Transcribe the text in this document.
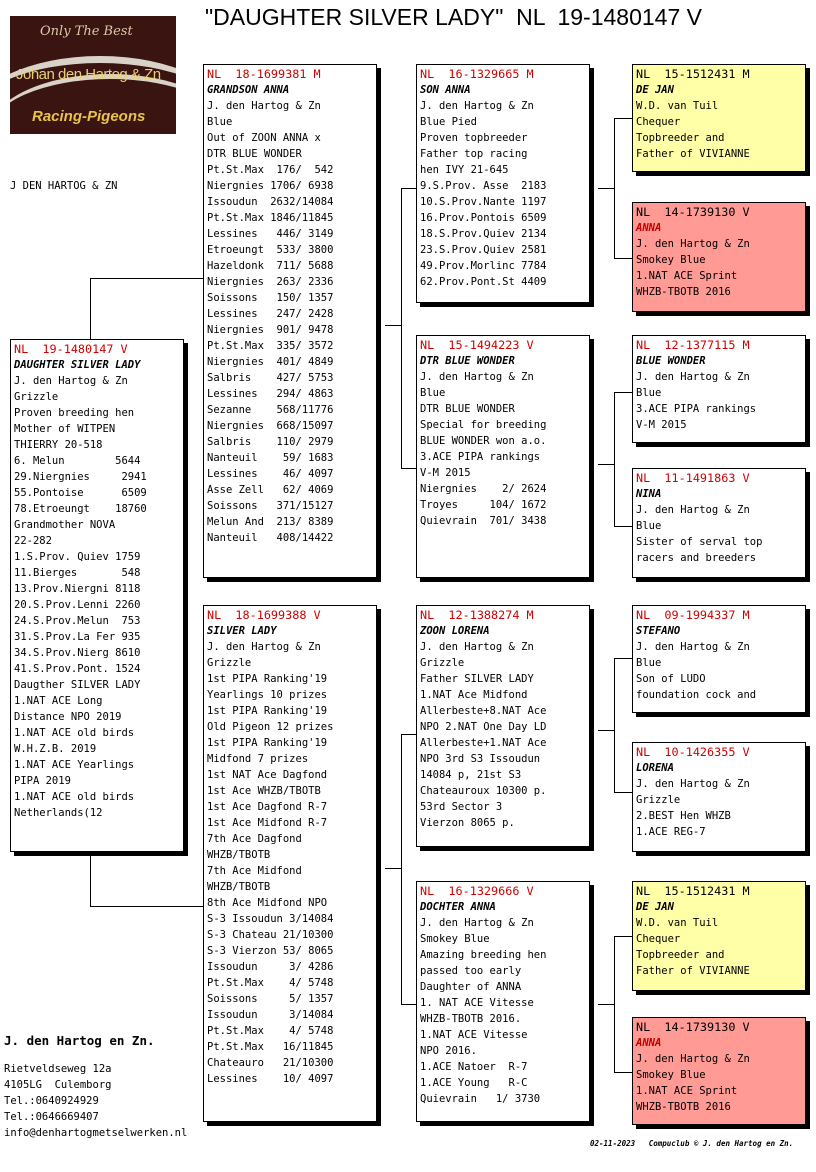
"DAUGHTER SILVER LADY"  NL  19-1480147 V
Only The Best
Johan den Hartog & Zn
Racing-Pigeons
J DEN HARTOG & ZN
NL  19-1480147 V
DAUGHTER SILVER LADY
J. den Hartog & Zn
Grizzle
Proven breeding hen
Mother of WITPEN
THIERRY 20-518
6. Melun        5644
29.Niergnies     2941
55.Pontoise      6509
78.Etroeungt    18760
Grandmother NOVA
22-282
1.S.Prov. Quiev 1759
11.Bierges       548
13.Prov.Niergni 8118
20.S.Prov.Lenni 2260
24.S.Prov.Melun  753
31.S.Prov.La Fer 935
34.S.Prov.Nierg 8610
41.S.Prov.Pont. 1524
Daugther SILVER LADY
1.NAT ACE Long
Distance NPO 2019
1.NAT ACE old birds
W.H.Z.B. 2019
1.NAT ACE Yearlings
PIPA 2019
1.NAT ACE old birds
Netherlands(12
NL  18-1699381 M
GRANDSON ANNA
J. den Hartog & Zn
Blue
Out of ZOON ANNA x
DTR BLUE WONDER
Pt.St.Max  176/  542
Niergnies 1706/ 6938
Issoudun  2632/14084
Pt.St.Max 1846/11845
Lessines   446/ 3149
Etroeungt  533/ 3800
Hazeldonk  711/ 5688
Niergnies  263/ 2336
Soissons   150/ 1357
Lessines   247/ 2428
Niergnies  901/ 9478
Pt.St.Max  335/ 3572
Niergnies  401/ 4849
Salbris    427/ 5753
Lessines   294/ 4863
Sezanne    568/11776
Niergnies  668/15097
Salbris    110/ 2979
Nanteuil    59/ 1683
Lessines    46/ 4097
Asse Zell   62/ 4069
Soissons   371/15127
Melun And  213/ 8389
Nanteuil   408/14422
NL  18-1699388 V
SILVER LADY
J. den Hartog & Zn
Grizzle
1st PIPA Ranking'19
Yearlings 10 prizes
1st PIPA Ranking'19
Old Pigeon 12 prizes
1st PIPA Ranking'19
Midfond 7 prizes
1st NAT Ace Dagfond
1st Ace WHZB/TBOTB
1st Ace Dagfond R-7
1st Ace Midfond R-7
7th Ace Dagfond
WHZB/TBOTB
7th Ace Midfond
WHZB/TBOTB
8th Ace Midfond NPO
S-3 Issoudun 3/14084
S-3 Chateau 21/10300
S-3 Vierzon 53/ 8065
Issoudun     3/ 4286
Pt.St.Max    4/ 5748
Soissons     5/ 1357
Issoudun     3/14084
Pt.St.Max    4/ 5748
Pt.St.Max   16/11845
Chateauro   21/10300
Lessines    10/ 4097
NL  16-1329665 M
SON ANNA
J. den Hartog & Zn
Blue Pied
Proven topbreeder
Father top racing
hen IVY 21-645
9.S.Prov. Asse  2183
10.S.Prov.Nante 1197
16.Prov.Pontois 6509
18.S.Prov.Quiev 2134
23.S.Prov.Quiev 2581
49.Prov.Morlinc 7784
62.Prov.Pont.St 4409
NL  15-1494223 V
DTR BLUE WONDER
J. den Hartog & Zn
Blue
DTR BLUE WONDER
Special for breeding
BLUE WONDER won a.o.
3.ACE PIPA rankings
V-M 2015
Niergnies    2/ 2624
Troyes     104/ 1672
Quievrain  701/ 3438
NL  12-1388274 M
ZOON LORENA
J. den Hartog & Zn
Grizzle
Father SILVER LADY
1.NAT Ace Midfond
Allerbeste+8.NAT Ace
NPO 2.NAT One Day LD
Allerbeste+1.NAT Ace
NPO 3rd S3 Issoudun
14084 p, 21st S3
Chateauroux 10300 p.
53rd Sector 3
Vierzon 8065 p.
NL  16-1329666 V
DOCHTER ANNA
J. den Hartog & Zn
Smokey Blue
Amazing breeding hen
passed too early
Daughter of ANNA
1. NAT ACE Vitesse
WHZB-TBOTB 2016.
1.NAT ACE Vitesse
NPO 2016.
1.ACE Natoer  R-7
1.ACE Young   R-C
Quievrain   1/ 3730
NL  15-1512431 M
DE JAN
W.D. van Tuil
Chequer
Topbreeder and
Father of VIVIANNE
NL  14-1739130 V
ANNA
J. den Hartog & Zn
Smokey Blue
1.NAT ACE Sprint
WHZB-TBOTB 2016
NL  12-1377115 M
BLUE WONDER
J. den Hartog & Zn
Blue
3.ACE PIPA rankings
V-M 2015
NL  11-1491863 V
NINA
J. den Hartog & Zn
Blue
Sister of serval top
racers and breeders
NL  09-1994337 M
STEFANO
J. den Hartog & Zn
Blue
Son of LUDO
foundation cock and
NL  10-1426355 V
LORENA
J. den Hartog & Zn
Grizzle
2.BEST Hen WHZB
1.ACE REG-7
NL  15-1512431 M
DE JAN
W.D. van Tuil
Chequer
Topbreeder and
Father of VIVIANNE
NL  14-1739130 V
ANNA
J. den Hartog & Zn
Smokey Blue
1.NAT ACE Sprint
WHZB-TBOTB 2016
J. den Hartog en Zn.
Rietveldseweg 12a
4105LG  Culemborg
Tel.:0640924929
Tel.:0646669407
info@denhartogmetselwerken.nl
02-11-2023   Compuclub © J. den Hartog en Zn.
